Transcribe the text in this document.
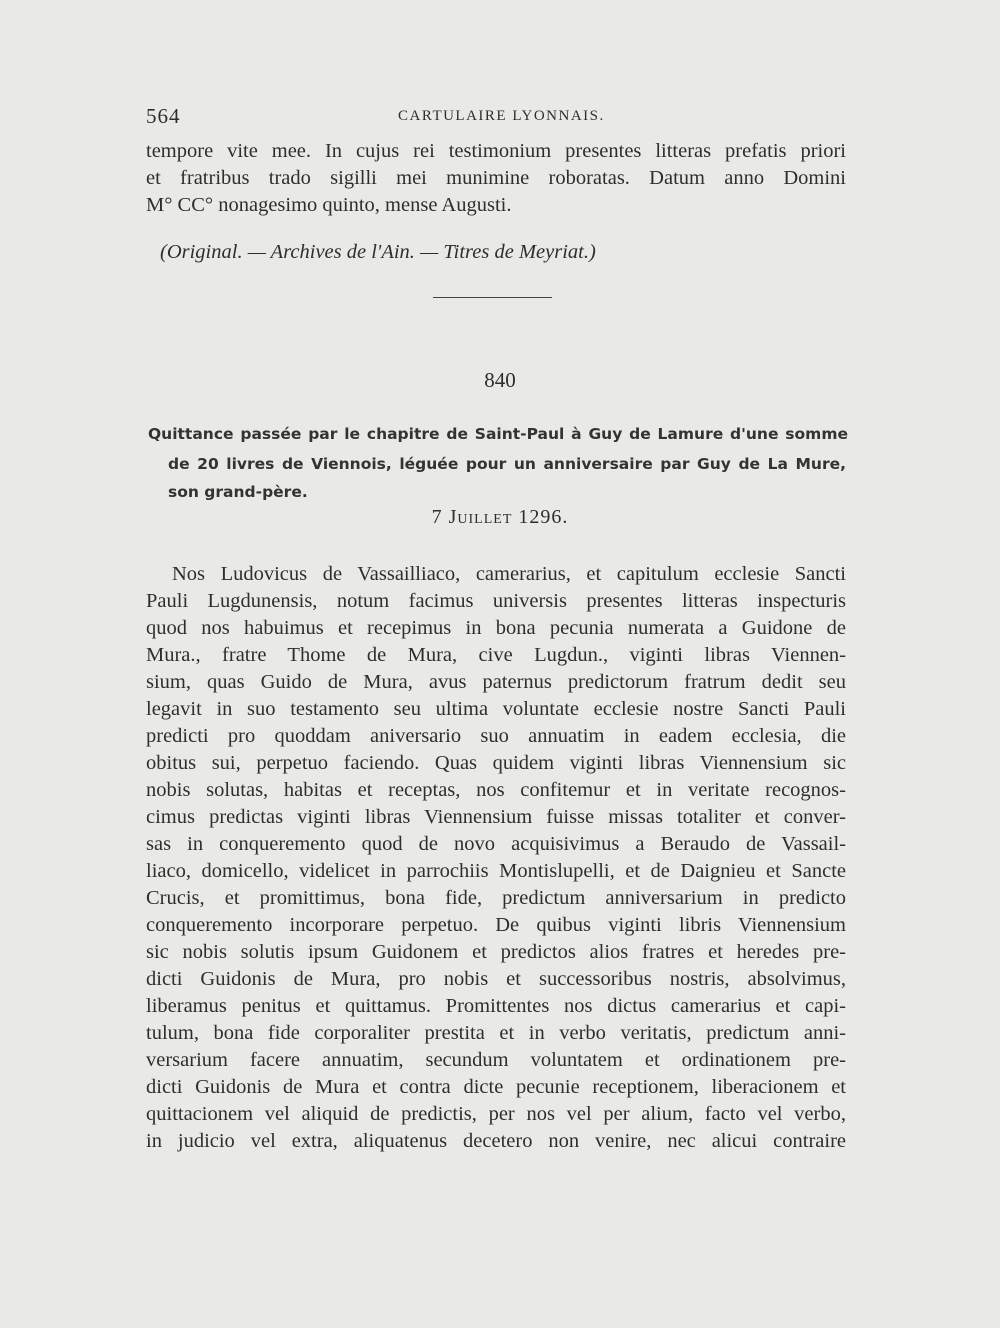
564	CARTULAIRE LYONNAIS.
tempore vite mee. In cujus rei testimonium presentes litteras prefatis priori
et fratribus trado sigilli mei munimine roboratas. Datum anno Domini
M° CC° nonagesimo quinto, mense Augusti.
(Original. — Archives de l'Ain. — Titres de Meyriat.)
840
Quittance passée par le chapitre de Saint-Paul à Guy de Lamure d'une somme
de 20 livres de Viennois, léguée pour un anniversaire par Guy de La Mure,
son grand-père.
7 Juillet 1296.
Nos Ludovicus de Vassailliaco, camerarius, et capitulum ecclesie Sancti
Pauli Lugdunensis, notum facimus universis presentes litteras inspecturis
quod nos habuimus et recepimus in bona pecunia numerata a Guidone de
Mura., fratre Thome de Mura, cive Lugdun., viginti libras Viennen-
sium, quas Guido de Mura, avus paternus predictorum fratrum dedit seu
legavit in suo testamento seu ultima voluntate ecclesie nostre Sancti Pauli
predicti pro quoddam aniversario suo annuatim in eadem ecclesia, die
obitus sui, perpetuo faciendo. Quas quidem viginti libras Viennensium sic
nobis solutas, habitas et receptas, nos confitemur et in veritate recognos-
cimus predictas viginti libras Viennensium fuisse missas totaliter et conver-
sas in conqueremento quod de novo acquisivimus a Beraudo de Vassail-
liaco, domicello, videlicet in parrochiis Montislupelli, et de Daignieu et Sancte
Crucis, et promittimus, bona fide, predictum anniversarium in predicto
conqueremento incorporare perpetuo. De quibus viginti libris Viennensium
sic nobis solutis ipsum Guidonem et predictos alios fratres et heredes pre-
dicti Guidonis de Mura, pro nobis et successoribus nostris, absolvimus,
liberamus penitus et quittamus. Promittentes nos dictus camerarius et capi-
tulum, bona fide corporaliter prestita et in verbo veritatis, predictum anni-
versarium facere annuatim, secundum voluntatem et ordinationem pre-
dicti Guidonis de Mura et contra dicte pecunie receptionem, liberacionem et
quittacionem vel aliquid de predictis, per nos vel per alium, facto vel verbo,
in judicio vel extra, aliquatenus decetero non venire, nec alicui contraire
